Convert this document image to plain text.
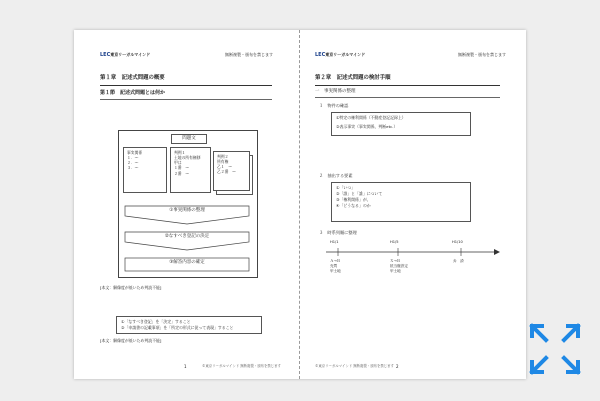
LEC東京リーガルマインド	無断複製・頒布を禁じます
第１章　記述式問題の概要
第１節　記述式問題とは何か
問題文
事実関係
１．〜
２．〜
３．〜
判例１
土地の所有権移
甲は
１番　〜
２番　〜
判例２
所有権
乙１　〜
乙２番　〜
①事実関係の整理
②なすべき登記の決定
③解答内容の確定
[本文：解像度が低いため判読不能]
①「なすべき登記」を「決定」すること
②「申請書の記載事項」を「所定の形式に従って表現」すること
[本文：解像度が低いため判読不能]
1	©東京リーガルマインド 無断複製・頒布を禁じます
LEC東京リーガルマインド	無断複製・頒布を禁じます
第２章　記述式問題の検討手順
一　事実関係の整理
１　物件の確認
①特定の権利関係（不動産登記記録上）
②表示事実（事実関係、判断etc.）
２　抽出する要素
①「いつ」
②「誰」と「誰」について
③「権利関係」が、
④「どうなる」のか
３　時系列順に整理
H1/1	H1/5	H1/10
Ａ→Ｂ
売買
甲土地
Ｘ→Ｂ
抵当権設定
甲土地
弁　済
2
©東京リーガルマインド 無断複製・頒布を禁じます
